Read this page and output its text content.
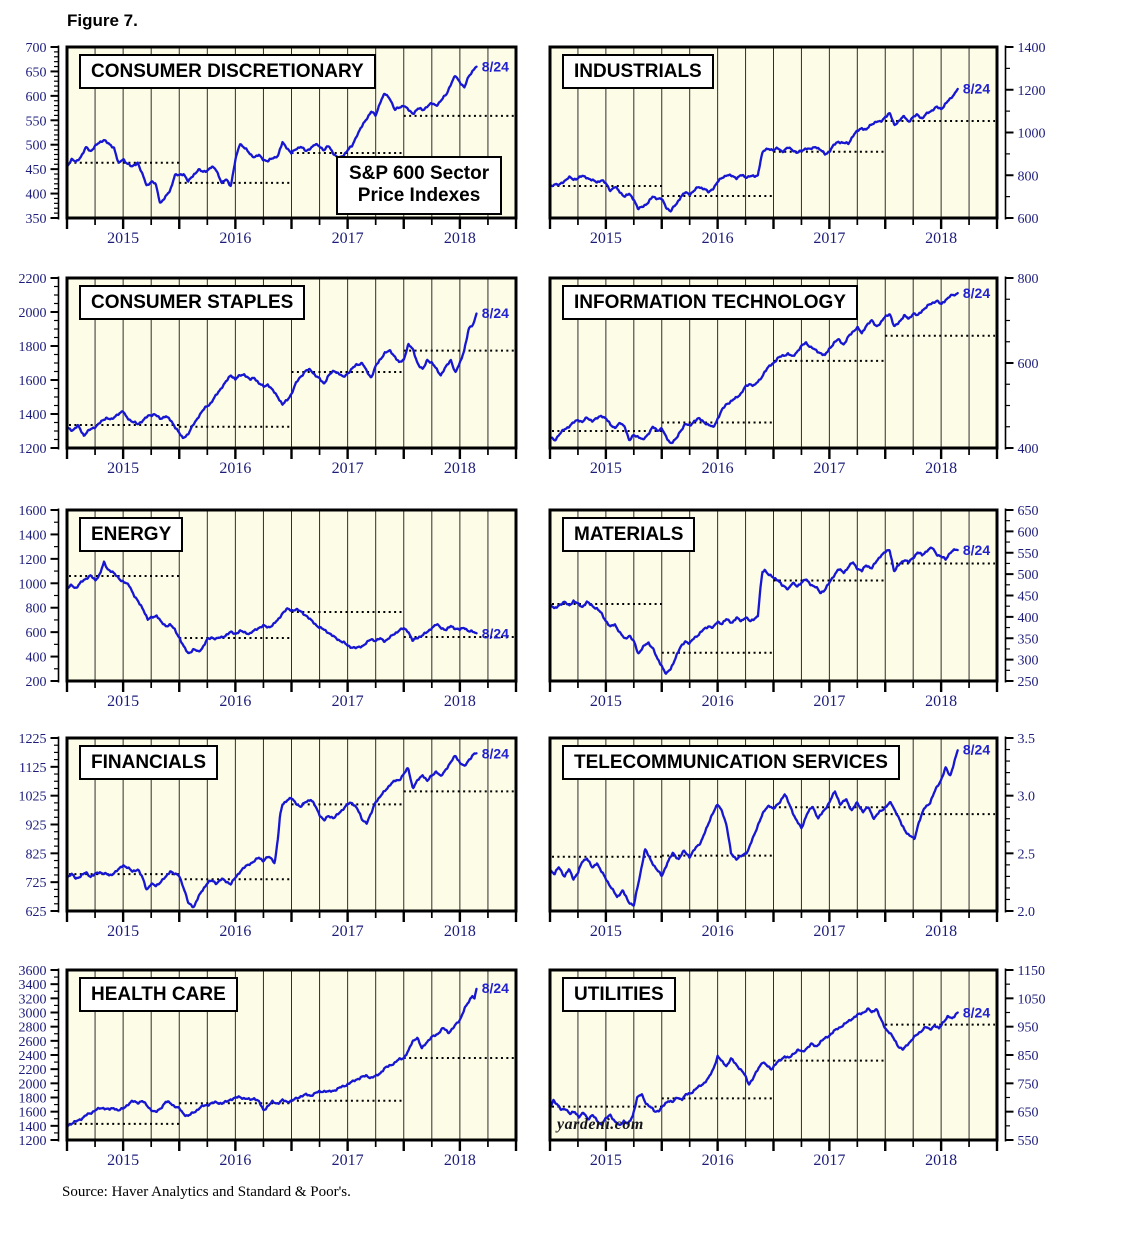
Figure 7.
8/24
350
400
450
500
550
600
650
700
2015	2016	2017	2018
8/24
600
800
1000
1200
1400
2015	2016	2017	2018
8/24
1200
1400
1600
1800
2000
2200
2015	2016	2017	2018
8/24
400
600
800
2015	2016	2017	2018
8/24
200
400
600
800
1000
1200
1400
1600
2015	2016	2017	2018
8/24
250
300
350
400
450
500
550
600
650
2015	2016	2017	2018
8/24
625
725
825
925
1025
1125
1225
2015	2016	2017	2018
8/24
2.0
2.5
3.0
3.5
2015	2016	2017	2018
8/24
1200
1400
1600
1800
2000
2200
2400
2600
2800
3000
3200
3400
3600
2015	2016	2017	2018
8/24
550
650
750
850
950
1050
1150
2015	2016	2017	2018
CONSUMER DISCRETIONARY	INDUSTRIALS
CONSUMER STAPLES	INFORMATION TECHNOLOGY
ENERGY	MATERIALS
FINANCIALS	TELECOMMUNICATION SERVICES
HEALTH CARE	UTILITIES
S&P 600 Sector
Price Indexes
yardeni.com
Source: Haver Analytics and Standard & Poor's.
